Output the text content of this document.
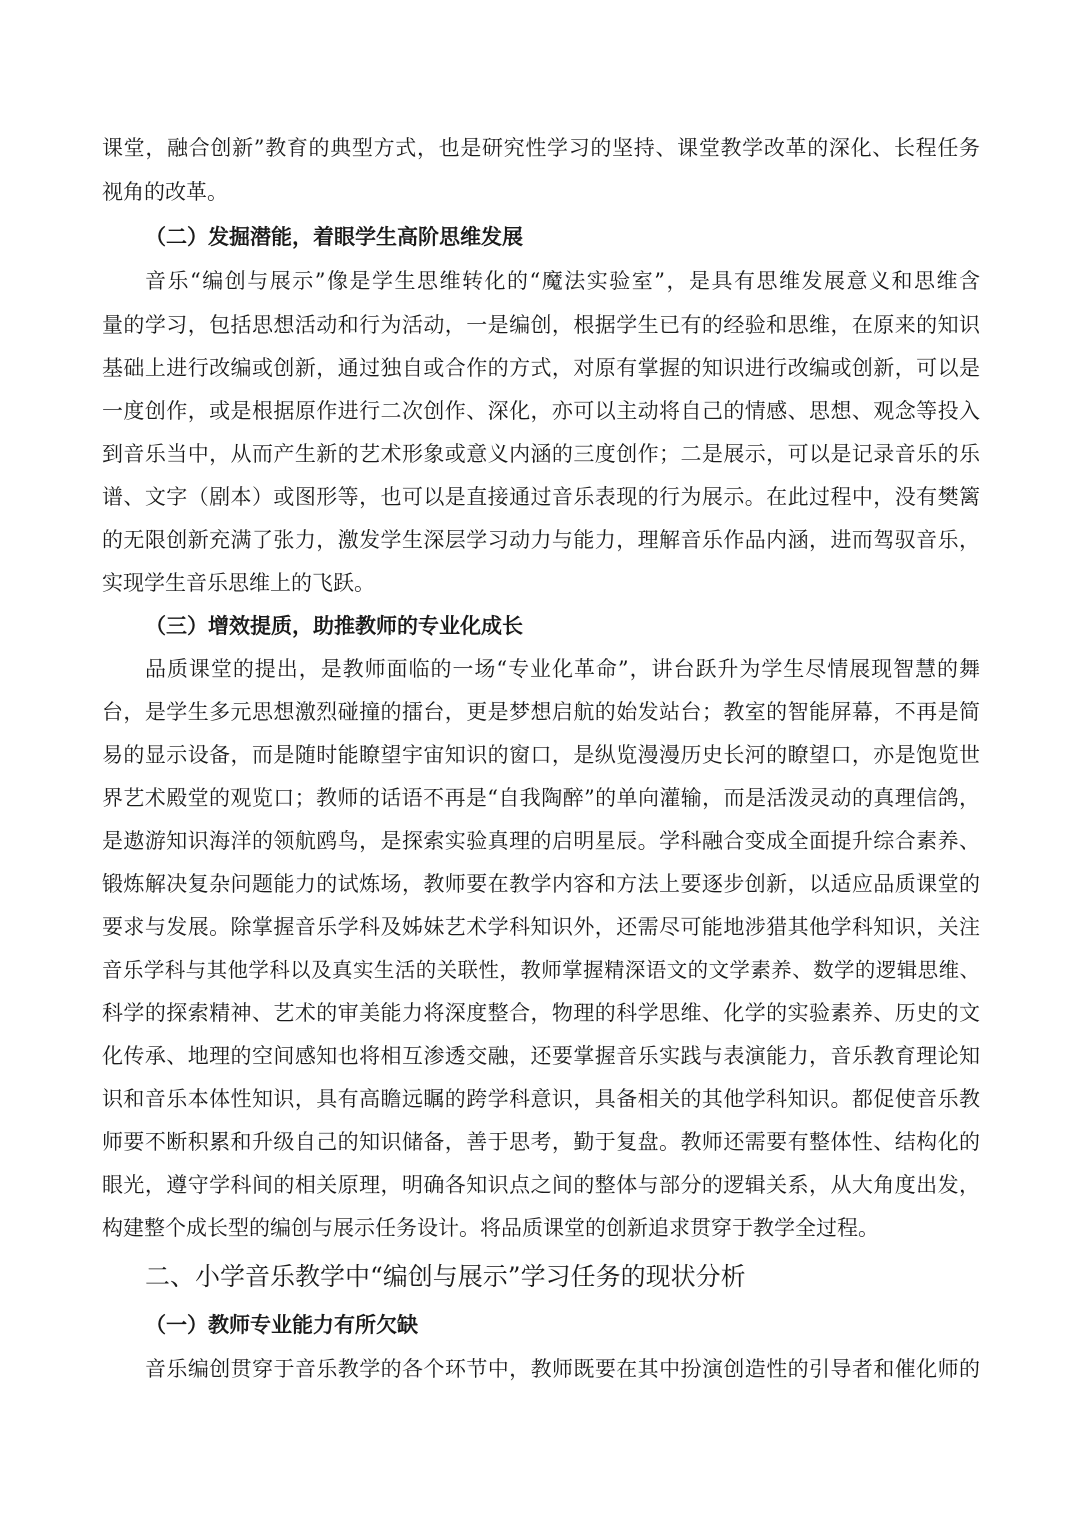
课堂，融合创新”教育的典型方式，也是研究性学习的坚持、课堂教学改革的深化、长程任务

视角的改革。

（二）发掘潜能，着眼学生高阶思维发展

音乐“编创与展示”像是学生思维转化的“魔法实验室”，是具有思维发展意义和思维含

量的学习，包括思想活动和行为活动，一是编创，根据学生已有的经验和思维，在原来的知识

基础上进行改编或创新，通过独自或合作的方式，对原有掌握的知识进行改编或创新，可以是

一度创作，或是根据原作进行二次创作、深化，亦可以主动将自己的情感、思想、观念等投入

到音乐当中，从而产生新的艺术形象或意义内涵的三度创作；二是展示，可以是记录音乐的乐

谱、文字（剧本）或图形等，也可以是直接通过音乐表现的行为展示。在此过程中，没有樊篱

的无限创新充满了张力，激发学生深层学习动力与能力，理解音乐作品内涵，进而驾驭音乐，

实现学生音乐思维上的飞跃。

（三）增效提质，助推教师的专业化成长

品质课堂的提出，是教师面临的一场“专业化革命”，讲台跃升为学生尽情展现智慧的舞

台，是学生多元思想激烈碰撞的擂台，更是梦想启航的始发站台；教室的智能屏幕，不再是简

易的显示设备，而是随时能瞭望宇宙知识的窗口，是纵览漫漫历史长河的瞭望口，亦是饱览世

界艺术殿堂的观览口；教师的话语不再是“自我陶醉”的单向灌输，而是活泼灵动的真理信鸽，

是遨游知识海洋的领航鸥鸟，是探索实验真理的启明星辰。学科融合变成全面提升综合素养、

锻炼解决复杂问题能力的试炼场，教师要在教学内容和方法上要逐步创新，以适应品质课堂的

要求与发展。除掌握音乐学科及姊妹艺术学科知识外，还需尽可能地涉猎其他学科知识，关注

音乐学科与其他学科以及真实生活的关联性，教师掌握精深语文的文学素养、数学的逻辑思维、

科学的探索精神、艺术的审美能力将深度整合，物理的科学思维、化学的实验素养、历史的文

化传承、地理的空间感知也将相互渗透交融，还要掌握音乐实践与表演能力，音乐教育理论知

识和音乐本体性知识，具有高瞻远瞩的跨学科意识，具备相关的其他学科知识。都促使音乐教

师要不断积累和升级自己的知识储备，善于思考，勤于复盘。教师还需要有整体性、结构化的

眼光，遵守学科间的相关原理，明确各知识点之间的整体与部分的逻辑关系，从大角度出发，

构建整个成长型的编创与展示任务设计。将品质课堂的创新追求贯穿于教学全过程。

二、小学音乐教学中“编创与展示”学习任务的现状分析

（一）教师专业能力有所欠缺

音乐编创贯穿于音乐教学的各个环节中，教师既要在其中扮演创造性的引导者和催化师的
